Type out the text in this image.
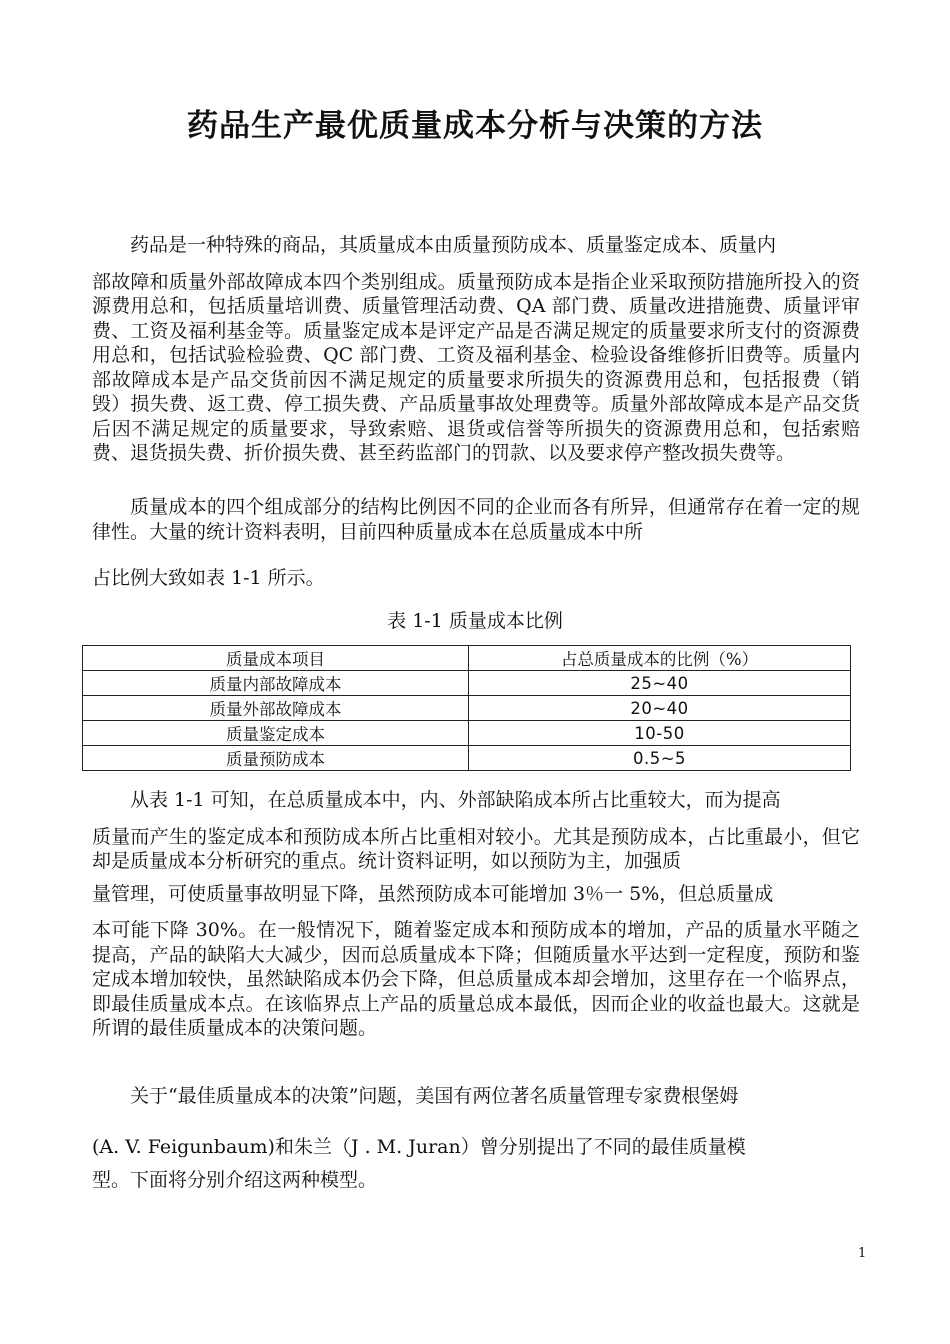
药品生产最优质量成本分析与决策的方法

药品是一种特殊的商品，其质量成本由质量预防成本、质量鉴定成本、质量内

部故障和质量外部故障成本四个类别组成。质量预防成本是指企业采取预防措施所投入的资源费用总和，包括质量培训费、质量管理活动费、QA 部门费、质量改进措施费、质量评审费、工资及福利基金等。质量鉴定成本是评定产品是否满足规定的质量要求所支付的资源费用总和，包括试验检验费、QC 部门费、工资及福利基金、检验设备维修折旧费等。质量内部故障成本是产品交货前因不满足规定的质量要求所损失的资源费用总和，包括报费（销毁）损失费、返工费、停工损失费、产品质量事故处理费等。质量外部故障成本是产品交货后因不满足规定的质量要求，导致索赔、退货或信誉等所损失的资源费用总和，包括索赔费、退货损失费、折价损失费、甚至药监部门的罚款、以及要求停产整改损失费等。

质量成本的四个组成部分的结构比例因不同的企业而各有所异，但通常存在着一定的规律性。大量的统计资料表明，目前四种质量成本在总质量成本中所

占比例大致如表 1-1 所示。

表 1-1 质量成本比例
质量成本项目	占总质量成本的比例（%）
质量内部故障成本	25~40
质量外部故障成本	20~40
质量鉴定成本	10-50
质量预防成本	0.5~5

从表 1-1 可知，在总质量成本中，内、外部缺陷成本所占比重较大，而为提高

质量而产生的鉴定成本和预防成本所占比重相对较小。尤其是预防成本，占比重最小，但它却是质量成本分析研究的重点。统计资料证明，如以预防为主，加强质

量管理，可使质量事故明显下降，虽然预防成本可能增加 3％一 5%，但总质量成

本可能下降 30%。在一般情况下，随着鉴定成本和预防成本的增加，产品的质量水平随之提高，产品的缺陷大大减少，因而总质量成本下降；但随质量水平达到一定程度，预防和鉴定成本增加较快，虽然缺陷成本仍会下降，但总质量成本却会增加，这里存在一个临界点，即最佳质量成本点。在该临界点上产品的质量总成本最低，因而企业的收益也最大。这就是所谓的最佳质量成本的决策问题。

关于“最佳质量成本的决策”问题，美国有两位著名质量管理专家费根堡姆

(A. V. Feigunbaum)和朱兰（J . M. Juran）曾分别提出了不同的最佳质量模

型。下面将分别介绍这两种模型。

1
